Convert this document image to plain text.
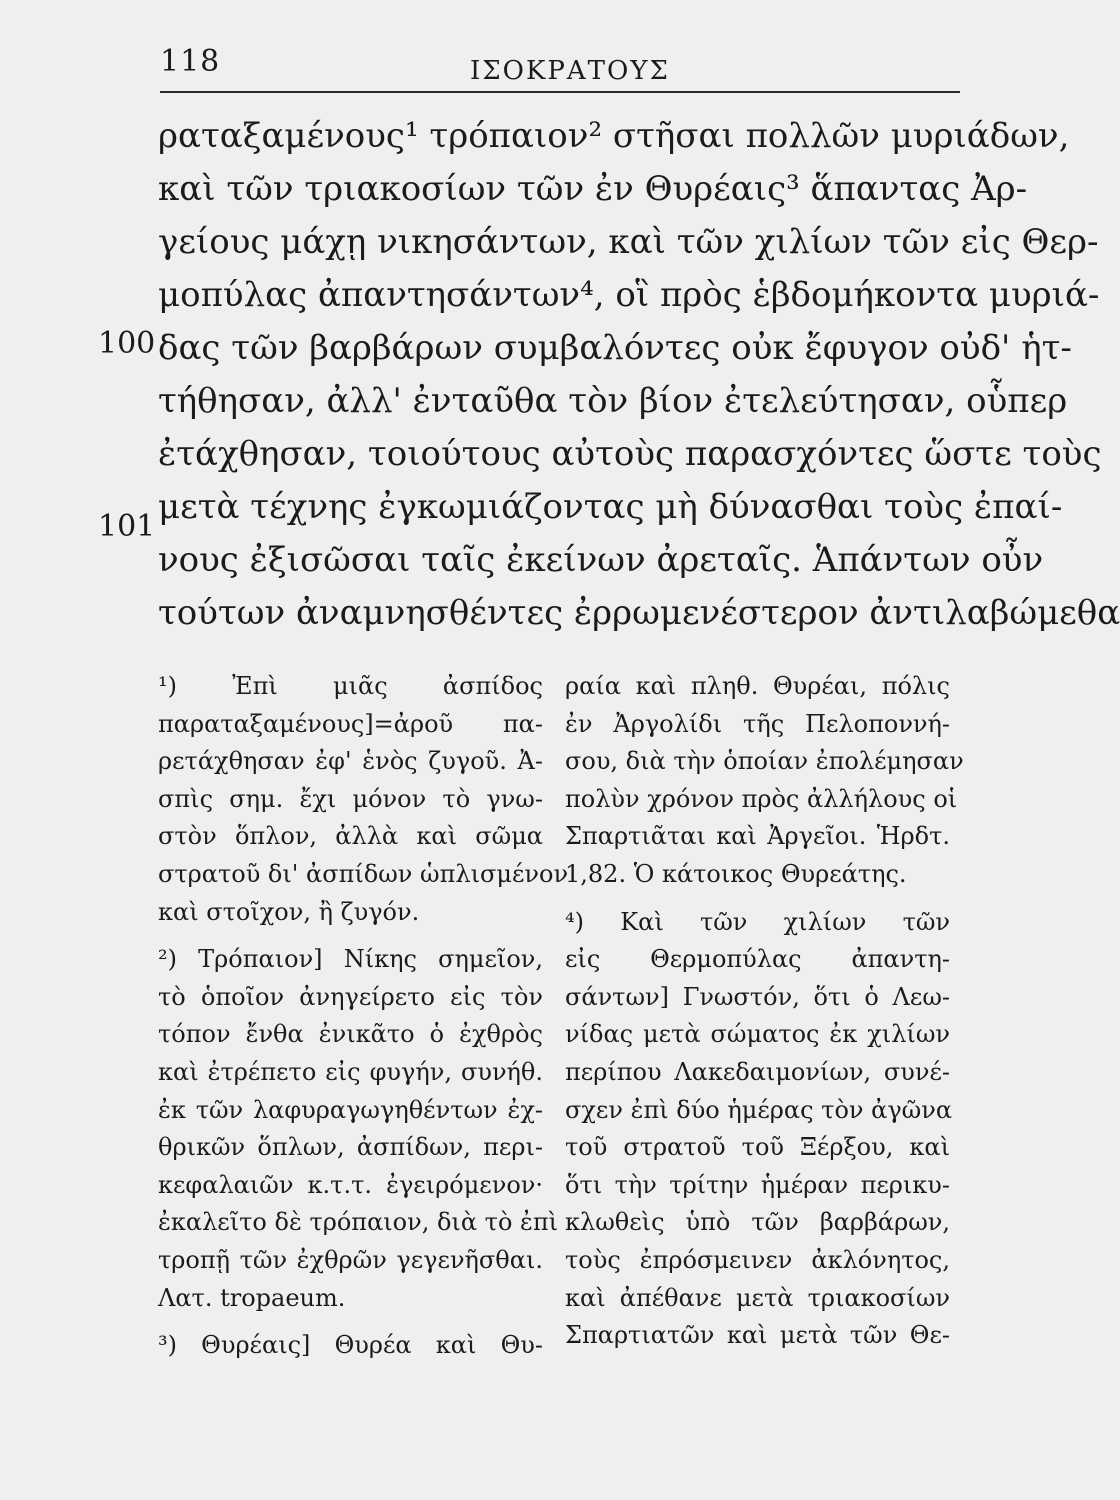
118	ΙΣΟΚΡΑΤΟΥΣ
100
101
ραταξαμένους¹ τρόπαιον² στῆσαι πολλῶν μυριάδων,
καὶ τῶν τριακοσίων τῶν ἐν Θυρέαις³ ἅπαντας Ἀρ-
γείους μάχῃ νικησάντων, καὶ τῶν χιλίων τῶν εἰς Θερ-
μοπύλας ἀπαντησάντων⁴, οἳ πρὸς ἑβδομήκοντα μυριά-
δας τῶν βαρβάρων συμβαλόντες οὐκ ἔφυγον οὐδ' ἡτ-
τήθησαν, ἀλλ' ἐνταῦθα τὸν βίον ἐτελεύτησαν, οὗπερ
ἐτάχθησαν, τοιούτους αὐτοὺς παρασχόντες ὥστε τοὺς
μετὰ τέχνης ἐγκωμιάζοντας μὴ δύνασθαι τοὺς ἐπαί-
νους ἐξισῶσαι ταῖς ἐκείνων ἀρεταῖς. Ἁπάντων οὖν
τούτων ἀναμνησθέντες ἐρρωμενέστερον ἀντιλαβώμεθα
¹) Ἐπὶ μιᾶς ἀσπίδος
παραταξαμένους]=ἀροῦ πα-
ρετάχθησαν ἐφ' ἑνὸς ζυγοῦ. Ἀ-
σπὶς σημ. ἔχι μόνον τὸ γνω-
στὸν ὅπλον, ἀλλὰ καὶ σῶμα
στρατοῦ δι' ἀσπίδων ὡπλισμένον
καὶ στοῖχον, ἢ ζυγόν.
²) Τρόπαιον] Νίκης σημεῖον,
τὸ ὁποῖον ἀνηγείρετο εἰς τὸν
τόπον ἔνθα ἐνικᾶτο ὁ ἐχθρὸς
καὶ ἐτρέπετο εἰς φυγήν, συνήθ.
ἐκ τῶν λαφυραγωγηθέντων ἐχ-
θρικῶν ὅπλων, ἀσπίδων, περι-
κεφαλαιῶν κ.τ.τ. ἐγειρόμενον·
ἐκαλεῖτο δὲ τρόπαιον, διὰ τὸ ἐπὶ
τροπῇ τῶν ἐχθρῶν γεγενῆσθαι.
Λατ. tropaeum.
³) Θυρέαις] Θυρέα καὶ Θυ-
ραία καὶ πληθ. Θυρέαι, πόλις
ἐν Ἀργολίδι τῆς Πελοποννή-
σου, διὰ τὴν ὁποίαν ἐπολέμησαν
πολὺν χρόνον πρὸς ἀλλήλους οἱ
Σπαρτιᾶται καὶ Ἀργεῖοι. Ἡρδτ.
1,82. Ὁ κάτοικος Θυρεάτης.
⁴) Καὶ τῶν χιλίων τῶν
εἰς Θερμοπύλας ἀπαντη-
σάντων] Γνωστόν, ὅτι ὁ Λεω-
νίδας μετὰ σώματος ἐκ χιλίων
περίπου Λακεδαιμονίων, συνέ-
σχεν ἐπὶ δύο ἡμέρας τὸν ἀγῶνα
τοῦ στρατοῦ τοῦ Ξέρξου, καὶ
ὅτι τὴν τρίτην ἡμέραν περικυ-
κλωθεὶς ὑπὸ τῶν βαρβάρων,
τοὺς ἐπρόσμεινεν ἀκλόνητος,
καὶ ἀπέθανε μετὰ τριακοσίων
Σπαρτιατῶν καὶ μετὰ τῶν Θε-
